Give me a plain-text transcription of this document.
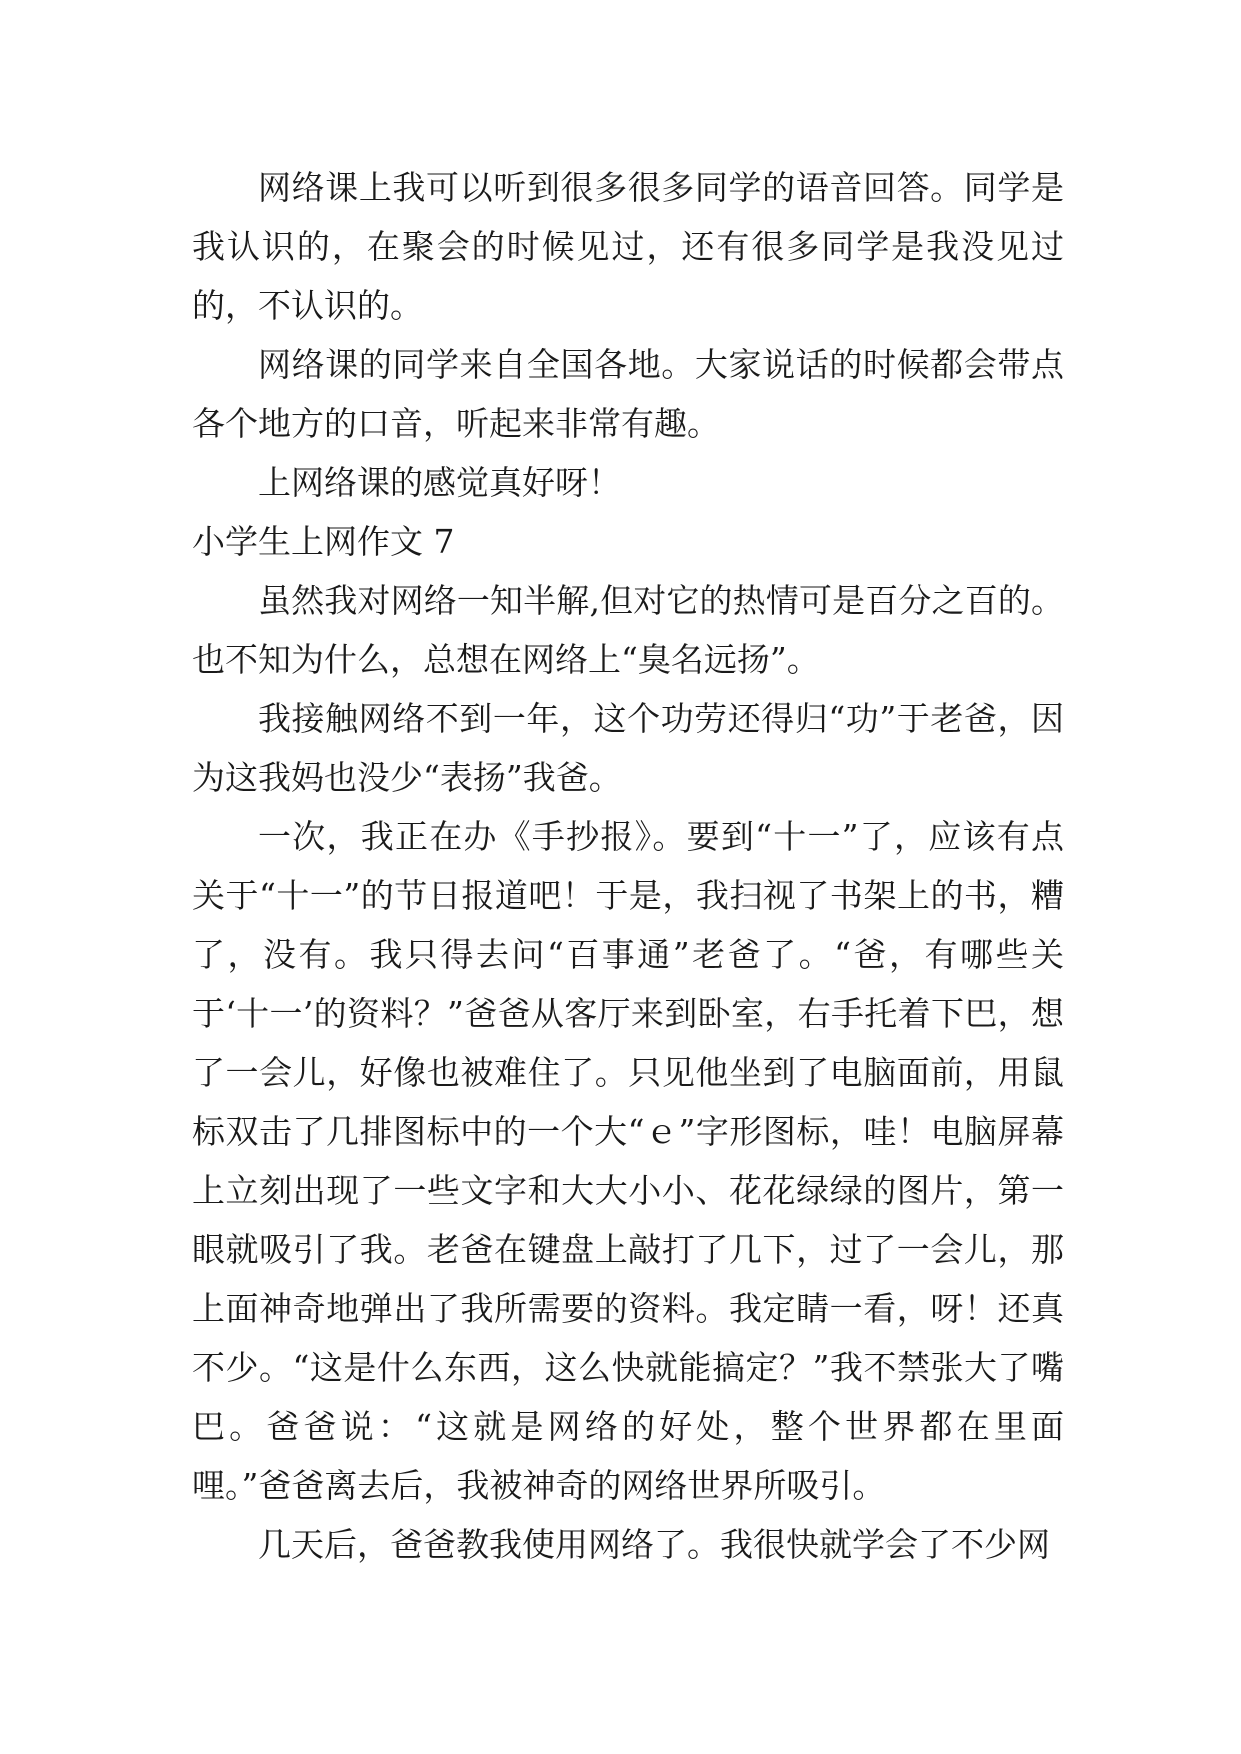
网络课上我可以听到很多很多同学的语音回答。同学是我认识的，在聚会的时候见过，还有很多同学是我没见过的，不认识的。

网络课的同学来自全国各地。大家说话的时候都会带点各个地方的口音，听起来非常有趣。

上网络课的感觉真好呀！

小学生上网作文 7

虽然我对网络一知半解,但对它的热情可是百分之百的。也不知为什么，总想在网络上“臭名远扬”。

我接触网络不到一年，这个功劳还得归“功”于老爸，因为这我妈也没少“表扬”我爸。

一次，我正在办《手抄报》。要到“十一”了，应该有点关于“十一”的节日报道吧！于是，我扫视了书架上的书，糟了，没有。我只得去问“百事通”老爸了。“爸，有哪些关于‘十一’的资料？”爸爸从客厅来到卧室，右手托着下巴，想了一会儿，好像也被难住了。只见他坐到了电脑面前，用鼠标双击了几排图标中的一个大“ｅ”字形图标，哇！电脑屏幕上立刻出现了一些文字和大大小小、花花绿绿的图片，第一眼就吸引了我。老爸在键盘上敲打了几下，过了一会儿，那上面神奇地弹出了我所需要的资料。我定睛一看，呀！还真不少。“这是什么东西，这么快就能搞定？”我不禁张大了嘴巴。爸爸说：“这就是网络的好处，整个世界都在里面哩。”爸爸离去后，我被神奇的网络世界所吸引。

几天后，爸爸教我使用网络了。我很快就学会了不少网
